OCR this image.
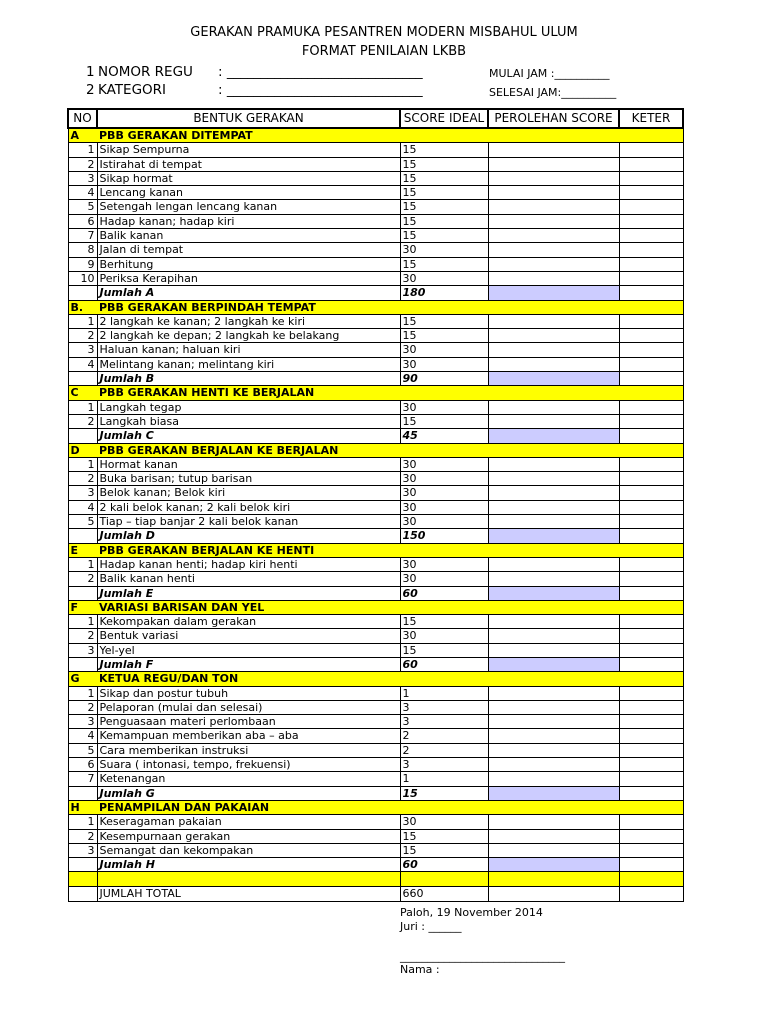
GERAKAN PRAMUKA PESANTREN MODERN MISBAHUL ULUM
FORMAT PENILAIAN LKBB
1 NOMOR REGU : _____________________________
2 KATEGORI	: _____________________________
MULAI JAM :__________
SELESAI JAM:__________
NO	BENTUK GERAKAN	SCORE IDEAL	PEROLEHAN SCORE	KETER
A	PBB GERAKAN DITEMPAT			
1	Sikap Sempurna	15		
2	Istirahat di tempat	15		
3	Sikap hormat	15		
4	Lencang kanan	15		
5	Setengah lengan lencang kanan	15		
6	Hadap kanan; hadap kiri	15		
7	Balik kanan	15		
8	Jalan di tempat	30		
9	Berhitung	15		
10	Periksa Kerapihan	30		
	Jumlah A	180		
B.	PBB GERAKAN BERPINDAH TEMPAT			
1	2 langkah ke kanan; 2 langkah ke kiri	15		
2	2 langkah ke depan; 2 langkah ke belakang	15		
3	Haluan kanan; haluan kiri	30		
4	Melintang kanan; melintang kiri	30		
	Jumlah B	90		
C	PBB GERAKAN HENTI KE BERJALAN			
1	Langkah tegap	30		
2	Langkah biasa	15		
	Jumlah C	45		
D	PBB GERAKAN BERJALAN KE BERJALAN			
1	Hormat kanan	30		
2	Buka barisan; tutup barisan	30		
3	Belok kanan; Belok kiri	30		
4	2 kali belok kanan; 2 kali belok kiri	30		
5	Tiap – tiap banjar 2 kali belok kanan	30		
	Jumlah D	150		
E	PBB GERAKAN BERJALAN KE HENTI			
1	Hadap kanan henti; hadap kiri henti	30		
2	Balik kanan henti	30		
	Jumlah E	60		
F	VARIASI BARISAN DAN YEL			
1	Kekompakan dalam gerakan	15		
2	Bentuk variasi	30		
3	Yel-yel	15		
	Jumlah F	60		
G	KETUA REGU/DAN TON			
1	Sikap dan postur tubuh	1		
2	Pelaporan (mulai dan selesai)	3		
3	Penguasaan materi perlombaan	3		
4	Kemampuan memberikan aba – aba	2		
5	Cara memberikan instruksi	2		
6	Suara ( intonasi, tempo, frekuensi)	3		
7	Ketenangan	1		
	Jumlah G	15		
H	PENAMPILAN DAN PAKAIAN			
1	Keseragaman pakaian	30		
2	Kesempurnaan gerakan	15		
3	Semangat dan kekompakan	15		
	Jumlah H	60		

	JUMLAH TOTAL	660		
Paloh, 19 November 2014
Juri : ______
______________________________
Nama :
